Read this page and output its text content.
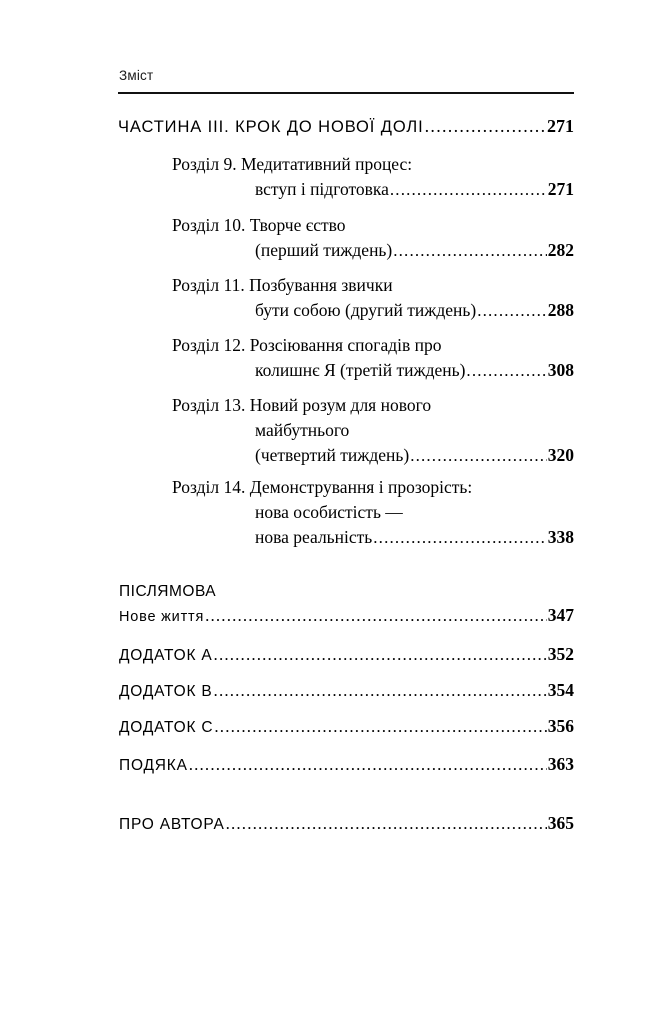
Зміст
ЧАСТИНА III. КРОК ДО НОВОЇ ДОЛІ .....	271
Розділ 9. Медитативний процес:
вступ і підготовка .....	271
Розділ 10. Творче єство
(перший тиждень) .....	282
Розділ 11. Позбування звички
бути собою (другий тиждень) .....	288
Розділ 12. Розсіювання спогадів про
колишнє Я (третій тиждень) .....	308
Розділ 13. Новий розум для нового
майбутнього
(четвертий тиждень) .....	320
Розділ 14. Демонстрування і прозорість:
нова особистість —
нова реальність .....	338
ПІСЛЯМОВА
Нове життя .....	347
ДОДАТОК А .....	352
ДОДАТОК В .....	354
ДОДАТОК С .....	356
ПОДЯКА .....	363
ПРО АВТОРА .....	365
